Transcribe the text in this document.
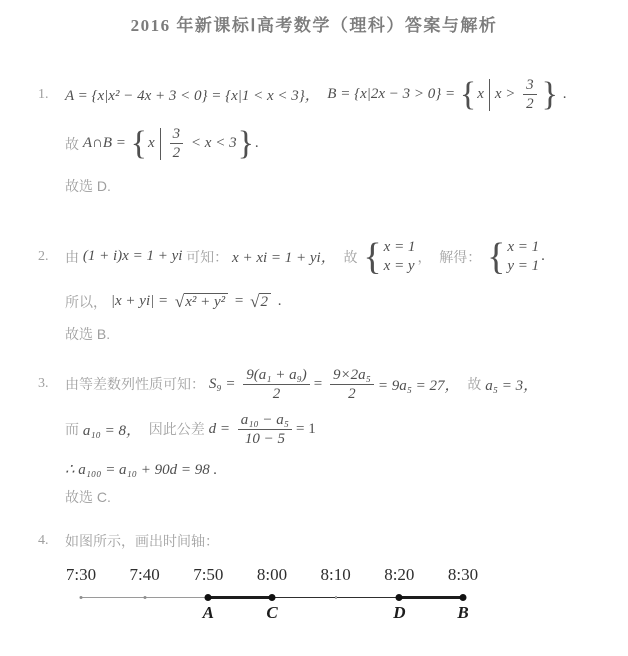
2016 年新课标Ⅰ高考数学（理科）答案与解析
1.	A = {x|x² − 4x + 3 < 0} = {x|1 < x < 3}， B = {x|2x − 3 > 0} = { x $x > \frac{3}{2}$ } .
故 A∩B = { x $\frac{3}{2} < x < 3$ } .
故选 D.
2.	由 (1 + i)x = 1 + yi 可知： x + xi = 1 + yi， 故 { x = 1
x = y
，  解得： { x = 1
y = 1
.
所以， |x + yi| = √ x² + y² = √ 2 .
故选 B.
3.	由等差数列性质可知： $S_9 = \frac{\text{9(a₁ + a₉)}}{2} = \frac{\text{9×2a₅}}{2} = 9a_5 = 27$， 故 a₅ = 3，
而 a₁₀ = 8， 因此公差 $d = \frac{\text{a₁₀ − a₅}}{10 - 5} = 1$
∴ a₁₀₀ = a₁₀ + 90d = 98 .
故选 C.
4.	如图所示，画出时间轴：
7:30 7:40 7:50 8:00 8:10 8:20 8:30
A	C	D	B
